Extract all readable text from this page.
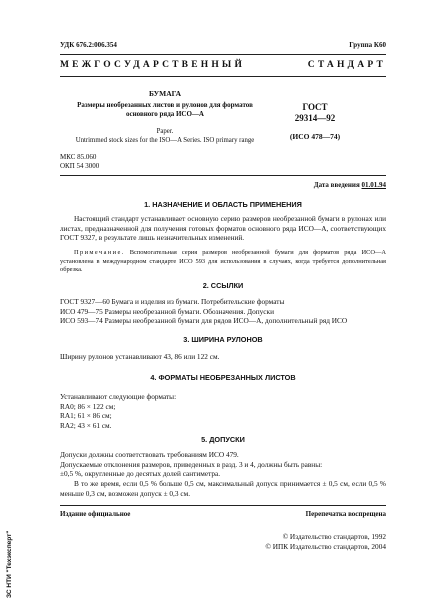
УДК 676.2:006.354	Группа К60
МЕЖГОСУДАРСТВЕННЫЙ СТАНДАРТ
БУМАГА
Размеры необрезанных листов и рулонов для форматов
основного ряда ИСО—А
Paper.
Untrimmed stock sizes for the ISO—A Series. ISO primary range
ГОСТ
29314—92
(ИСО 478—74)
МКС 85.060
ОКП 54 3000
Дата введения 01.01.94
1. НАЗНАЧЕНИЕ И ОБЛАСТЬ ПРИМЕНЕНИЯ

Настоящий стандарт устанавливает основную серию размеров необрезанной бумаги в рулонах или листах, предназначенной для получения готовых форматов основного ряда ИСО—А, соответствующих ГОСТ 9327, в результате лишь незначительных изменений.

Примечание. Вспомогательная серия размеров необрезанной бумаги для форматов ряда ИСО—А установлена в международном стандарте ИСО 593 для использования в случаях, когда требуется дополнительная обрезка.

2. ССЫЛКИ
ГОСТ 9327—60 Бумага и изделия из бумаги. Потребительские форматы
ИСО 479—75 Размеры необрезанной бумаги. Обозначения. Допуски
ИСО 593—74 Размеры необрезанной бумаги для рядов ИСО—А, дополнительный ряд ИСО
3. ШИРИНА РУЛОНОВ

Ширину рулонов устанавливают 43, 86 или 122 см.

4. ФОРМАТЫ НЕОБРЕЗАННЫХ ЛИСТОВ
Устанавливают следующие форматы:
RA0; 86 × 122 см;
RA1; 61 × 86 см;
RA2; 43 × 61 см.
5. ДОПУСКИ
Допуски должны соответствовать требованиям ИСО 479.
Допускаемые отклонения размеров, приведенных в разд. 3 и 4, должны быть равны:
±0,5 %, округленные до десятых долей сантиметра.

В то же время, если 0,5 % больше 0,5 см, максимальный допуск принимается ± 0,5 см, если 0,5 % меньше 0,3 см, возможен допуск ± 0,3 см.

Издание официальное	Перепечатка воспрещена
© Издательство стандартов, 1992
© ИПК Издательство стандартов, 2004
ЗС НТИ "Техэксперт"
